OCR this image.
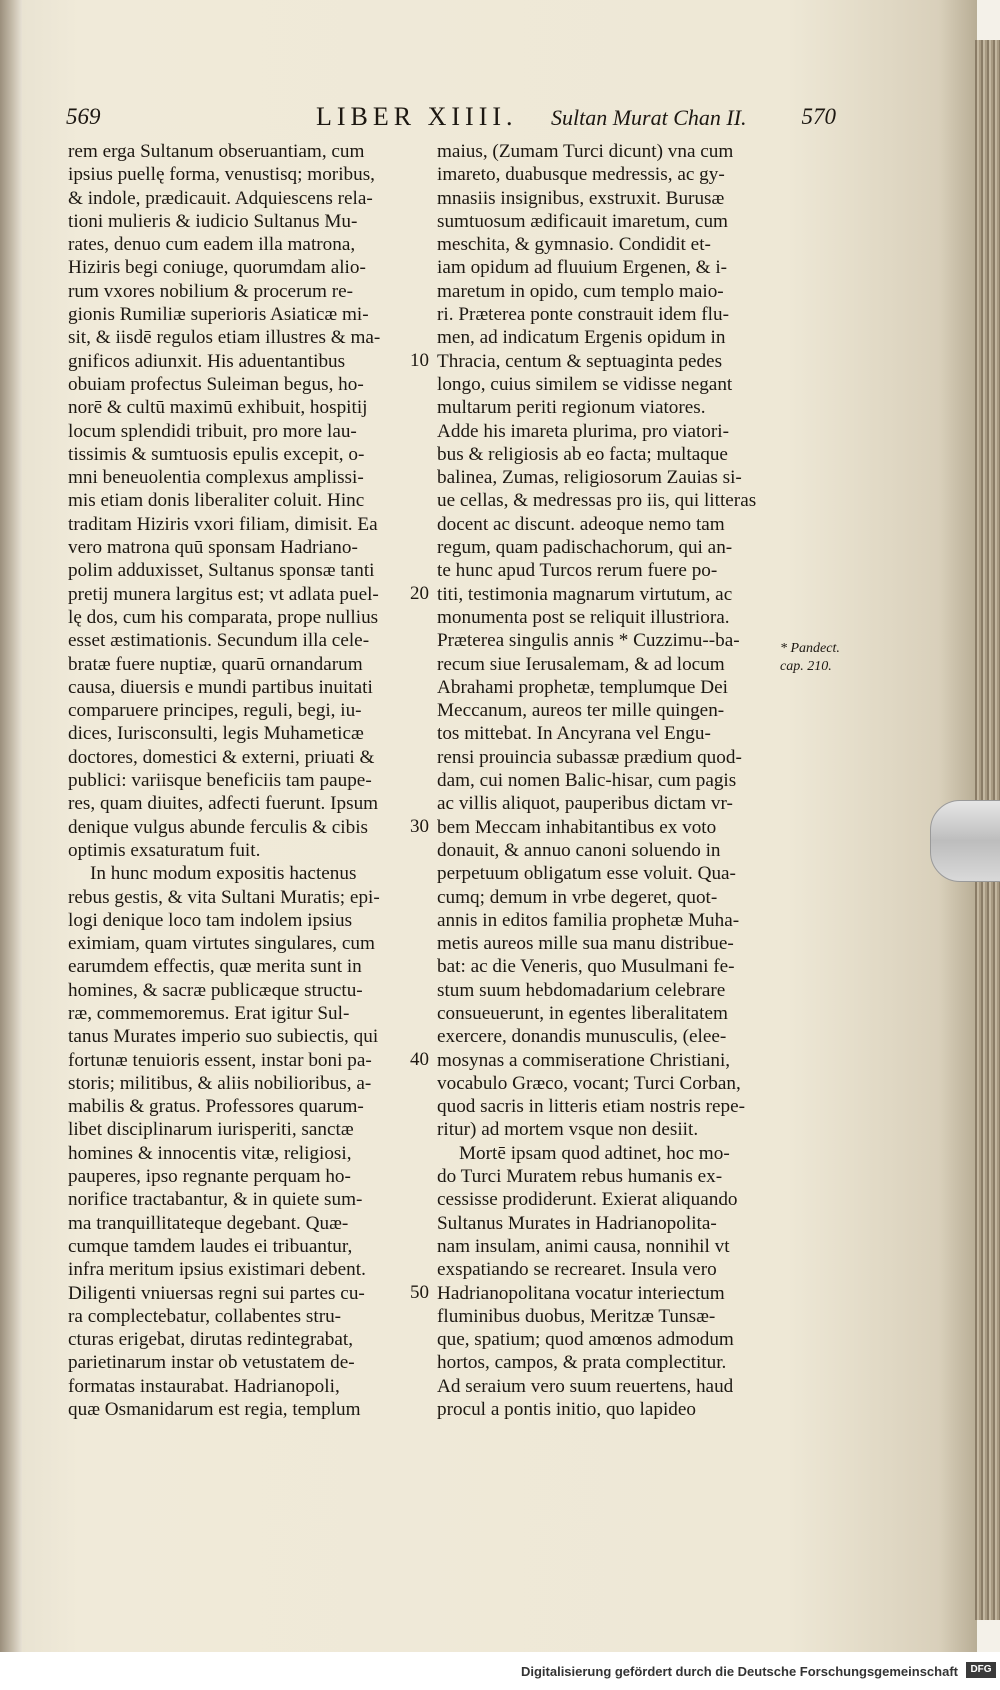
569	LIBER XIIII. Sultan Murat Chan II. 570
rem erga Sultanum obseruantiam, cum
ipsius puellę forma, venustisq; moribus,
& indole, prædicauit. Adquiescens rela-
tioni mulieris & iudicio Sultanus Mu-
rates, denuo cum eadem illa matrona,
Hiziris begi coniuge, quorumdam alio-
rum vxores nobilium & procerum re-
gionis Rumiliæ superioris Asiaticæ mi-
sit, & iisdē regulos etiam illustres & ma-
gnificos adiunxit. His aduentantibus
obuiam profectus Suleiman begus, ho-
norē & cultū maximū exhibuit, hospitij
locum splendidi tribuit, pro more lau-
tissimis & sumtuosis epulis excepit, o-
mni beneuolentia complexus amplissi-
mis etiam donis liberaliter coluit. Hinc
traditam Hiziris vxori filiam, dimisit. Ea
vero matrona quū sponsam Hadriano-
polim adduxisset, Sultanus sponsæ tanti
pretij munera largitus est; vt adlata puel-
lę dos, cum his comparata, prope nullius
esset æstimationis. Secundum illa cele-
bratæ fuere nuptiæ, quarū ornandarum
causa, diuersis e mundi partibus inuitati
comparuere principes, reguli, begi, iu-
dices, Iurisconsulti, legis Muhameticæ
doctores, domestici & externi, priuati &
publici: variisque beneficiis tam paupe-
res, quam diuites, adfecti fuerunt. Ipsum
denique vulgus abunde ferculis & cibis
optimis exsaturatum fuit.
In hunc modum expositis hactenus
rebus gestis, & vita Sultani Muratis; epi-
logi denique loco tam indolem ipsius
eximiam, quam virtutes singulares, cum
earumdem effectis, quæ merita sunt in
homines, & sacræ publicæque structu-
ræ, commemoremus. Erat igitur Sul-
tanus Murates imperio suo subiectis, qui
fortunæ tenuioris essent, instar boni pa-
storis; militibus, & aliis nobilioribus, a-
mabilis & gratus. Professores quarum-
libet disciplinarum iurisperiti, sanctæ
homines & innocentis vitæ, religiosi,
pauperes, ipso regnante perquam ho-
norifice tractabantur, & in quiete sum-
ma tranquillitateque degebant. Quæ-
cumque tamdem laudes ei tribuantur,
infra meritum ipsius existimari debent.
Diligenti vniuersas regni sui partes cu-
ra complectebatur, collabentes stru-
cturas erigebat, dirutas redintegrabat,
parietinarum instar ob vetustatem de-
formatas instaurabat. Hadrianopoli,
quæ Osmanidarum est regia, templum
maius, (Zumam Turci dicunt) vna cum
imareto, duabusque medressis, ac gy-
mnasiis insignibus, exstruxit. Burusæ
sumtuosum ædificauit imaretum, cum
meschita, & gymnasio. Condidit et-
iam opidum ad fluuium Ergenen, & i-
maretum in opido, cum templo maio-
ri. Præterea ponte constrauit idem flu-
men, ad indicatum Ergenis opidum in
Thracia, centum & septuaginta pedes
longo, cuius similem se vidisse negant
multarum periti regionum viatores.
Adde his imareta plurima, pro viatori-
bus & religiosis ab eo facta; multaque
balinea, Zumas, religiosorum Zauias si-
ue cellas, & medressas pro iis, qui litteras
docent ac discunt. adeoque nemo tam
regum, quam padischachorum, qui an-
te hunc apud Turcos rerum fuere po-
titi, testimonia magnarum virtutum, ac
monumenta post se reliquit illustriora.
Præterea singulis annis * Cuzzimu--ba-
recum siue Ierusalemam, & ad locum
Abrahami prophetæ, templumque Dei
Meccanum, aureos ter mille quingen-
tos mittebat. In Ancyrana vel Engu-
rensi prouincia subassæ prædium quod-
dam, cui nomen Balic-hisar, cum pagis
ac villis aliquot, pauperibus dictam vr-
bem Meccam inhabitantibus ex voto
donauit, & annuo canoni soluendo in
perpetuum obligatum esse voluit. Qua-
cumq; demum in vrbe degeret, quot-
annis in editos familia prophetæ Muha-
metis aureos mille sua manu distribue-
bat: ac die Veneris, quo Musulmani fe-
stum suum hebdomadarium celebrare
consueuerunt, in egentes liberalitatem
exercere, donandis munusculis, (elee-
mosynas a commiseratione Christiani,
vocabulo Græco, vocant; Turci Corban,
quod sacris in litteris etiam nostris repe-
ritur) ad mortem vsque non desiit.
Mortē ipsam quod adtinet, hoc mo-
do Turci Muratem rebus humanis ex-
cessisse prodiderunt. Exierat aliquando
Sultanus Murates in Hadrianopolita-
nam insulam, animi causa, nonnihil vt
exspatiando se recrearet. Insula vero
Hadrianopolitana vocatur interiectum
fluminibus duobus, Meritzæ Tunsæ-
que, spatium; quod amœnos admodum
hortos, campos, & prata complectitur.
Ad seraium vero suum reuertens, haud
procul a pontis initio, quo lapideo
10
20
30
40
50
* Pandect.
cap. 210.
Digitalisierung gefördert durch die Deutsche Forschungsgemeinschaft	DFG
